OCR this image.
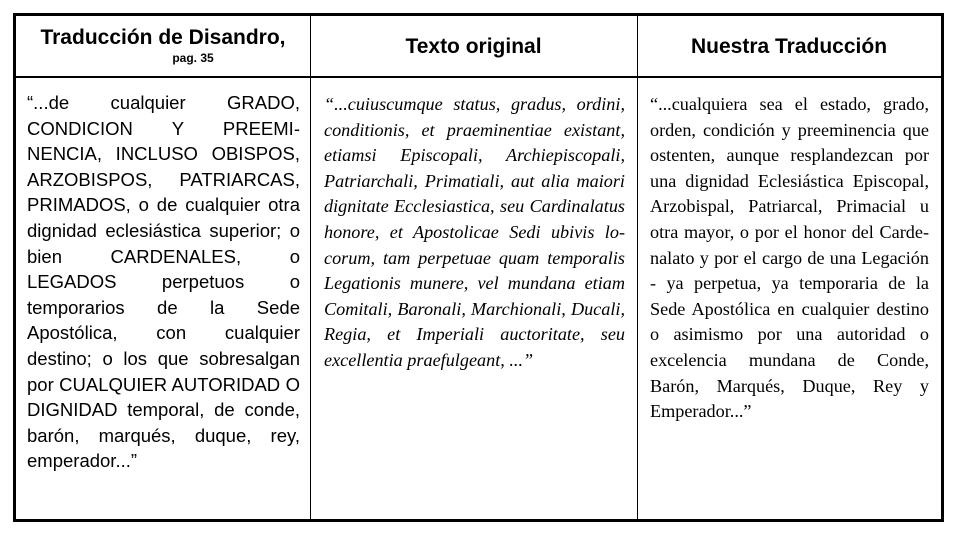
Traducción de Disandro,
pag. 35

“...de cualquier GRADO, CONDICION Y PREEMINENCIA, INCLUSO OBISPOS, ARZOBISPOS, PATRIARCAS, PRIMADOS, o de cualquier otra dignidad eclesiástica superior; o bien CARDENALES, o LEGADOS perpetuos o temporarios de la Sede Apostólica, con cualquier destino; o los que sobresalgan por CUALQUIER AUTORIDAD O DIGNIDAD temporal, de conde, barón, marqués, duque, rey, emperador...”

Texto original

“...cuiuscumque status, gradus, ordini, conditionis, et praeminentiae existant, etiamsi Episcopali, Archiepiscopali, Patriarchali, Primatiali, aut alia maiori dignitate Ecclesiastica, seu Cardinalatus honore, et Apostolicae Sedi ubivis locorum, tam perpetuae quam temporalis Legationis munere, vel mundana etiam Comitali, Baronali, Marchionali, Ducali, Regia, et Imperiali auctoritate, seu excellentia praefulgeant, ...”

Nuestra Traducción

“...cualquiera sea el estado, grado, orden, condición y preeminencia que ostenten, aunque resplandezcan por una dignidad Eclesiástica Episcopal, Arzobispal, Patriarcal, Primacial u otra mayor, o por el honor del Cardenalato y por el cargo de una Legación - ya perpetua, ya temporaria de la Sede Apostólica en cualquier destino o asimismo por una autoridad o excelencia mundana de Conde, Barón, Marqués, Duque, Rey y Emperador...”
